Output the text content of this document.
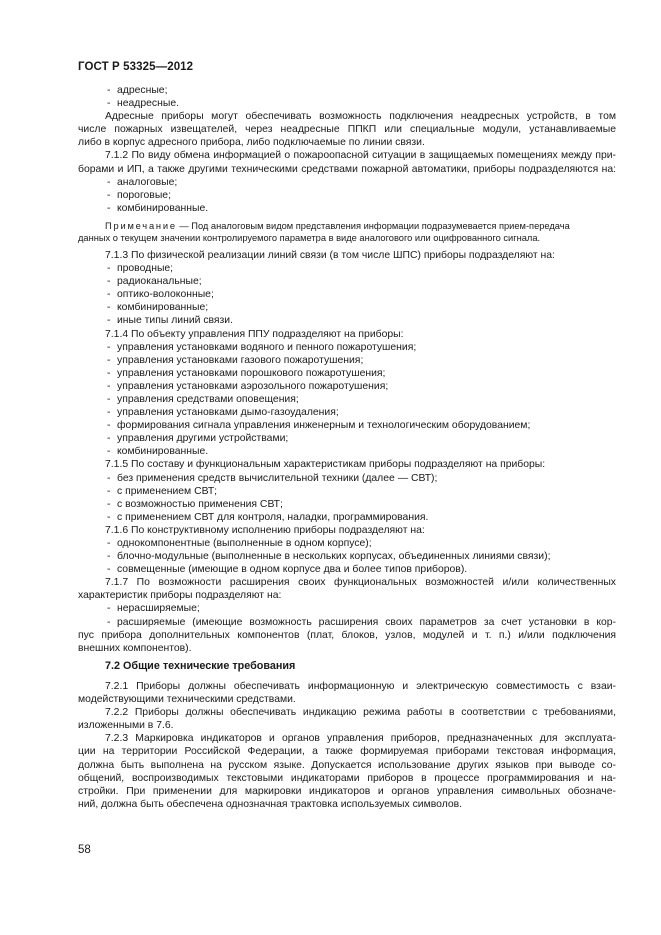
ГОСТ Р 53325—2012
- адресные;
- неадресные.
Адресные приборы могут обеспечивать возможность подключения неадресных устройств, в том
числе пожарных извещателей, через неадресные ППКП или специальные модули, устанавливаемые
либо в корпус адресного прибора, либо подключаемые по линии связи.
7.1.2 По виду обмена информацией о пожароопасной ситуации в защищаемых помещениях между при-
борами и ИП, а также другими техническими средствами пожарной автоматики, приборы подразделяются на:
- аналоговые;
- пороговые;
- комбинированные.
Примечание — Под аналоговым видом представления информации подразумевается прием-передача
данных о текущем значении контролируемого параметра в виде аналогового или оцифрованного сигнала.
7.1.3 По физической реализации линий связи (в том числе ШПС) приборы подразделяют на:
- проводные;
- радиоканальные;
- оптико-волоконные;
- комбинированные;
- иные типы линий связи.
7.1.4 По объекту управления ППУ подразделяют на приборы:
- управления установками водяного и пенного пожаротушения;
- управления установками газового пожаротушения;
- управления установками порошкового пожаротушения;
- управления установками аэрозольного пожаротушения;
- управления средствами оповещения;
- управления установками дымо-газоудаления;
- формирования сигнала управления инженерным и технологическим оборудованием;
- управления другими устройствами;
- комбинированные.
7.1.5 По составу и функциональным характеристикам приборы подразделяют на приборы:
- без применения средств вычислительной техники (далее — СВТ);
- с применением СВТ;
- с возможностью применения СВТ;
- с применением СВТ для контроля, наладки, программирования.
7.1.6 По конструктивному исполнению приборы подразделяют на:
- однокомпонентные (выполненные в одном корпусе);
- блочно-модульные (выполненные в нескольких корпусах, объединенных линиями связи);
- совмещенные (имеющие в одном корпусе два и более типов приборов).
7.1.7 По возможности расширения своих функциональных возможностей и/или количественных
характеристик приборы подразделяют на:
- нерасширяемые;
- расширяемые (имеющие возможность расширения своих параметров за счет установки в кор-
пус прибора дополнительных компонентов (плат, блоков, узлов, модулей и т. п.) и/или подключения
внешних компонентов).
7.2 Общие технические требования
7.2.1 Приборы должны обеспечивать информационную и электрическую совместимость с взаи-
модействующими техническими средствами.
7.2.2 Приборы должны обеспечивать индикацию режима работы в соответствии с требованиями,
изложенными в 7.6.
7.2.3 Маркировка индикаторов и органов управления приборов, предназначенных для эксплуата-
ции на территории Российской Федерации, а также формируемая приборами текстовая информация,
должна быть выполнена на русском языке. Допускается использование других языков при выводе со-
общений, воспроизводимых текстовыми индикаторами приборов в процессе программирования и на-
стройки. При применении для маркировки индикаторов и органов управления символьных обозначе-
ний, должна быть обеспечена однозначная трактовка используемых символов.
58
